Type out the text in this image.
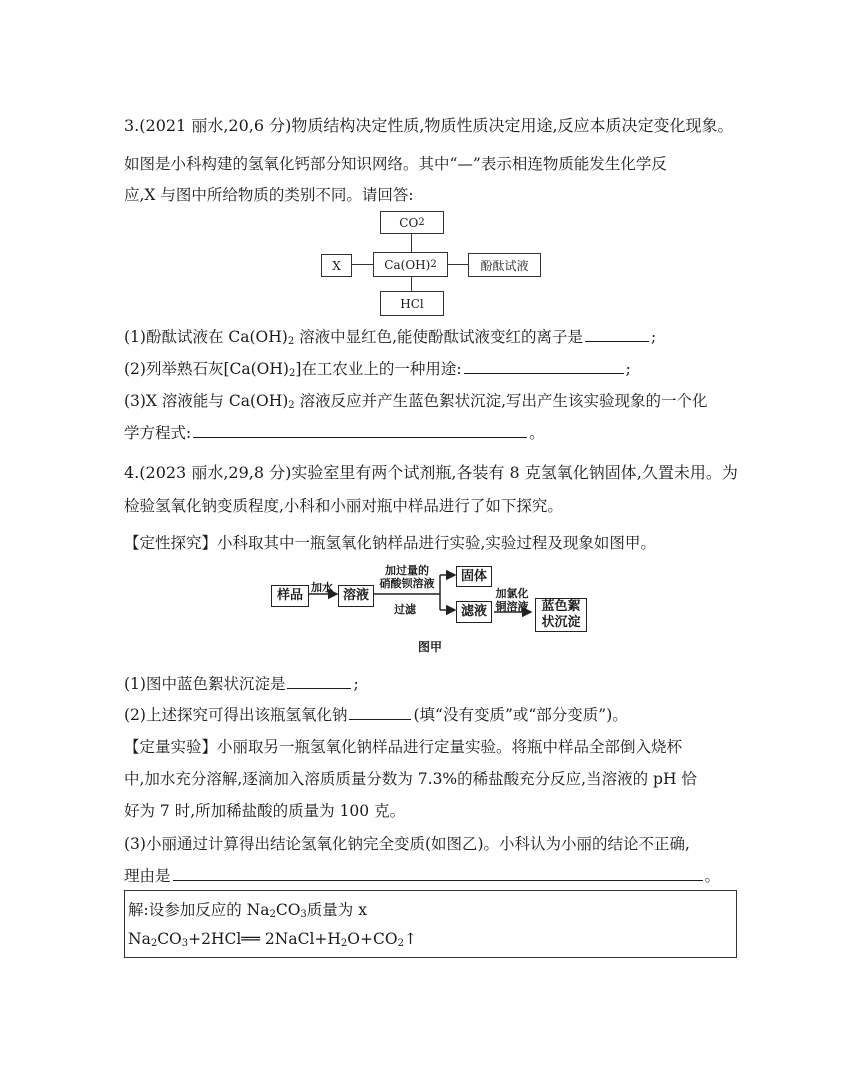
3.(2021 丽水,20,6 分)物质结构决定性质,物质性质决定用途,反应本质决定变化现象。
如图是小科构建的氢氧化钙部分知识网络。其中“—”表示相连物质能发生化学反
应,X 与图中所给物质的类别不同。请回答:
CO 2
Ca(OH) 2
X	酚酞试液
HCl
(1)酚酞试液在 $Ca(OH)_2$ 溶液中显红色,能使酚酞试液变红的离子是	;
(2)列举熟石灰$[Ca(OH)_2]$在工农业上的一种用途:	;
(3)X 溶液能与 $Ca(OH)_2$ 溶液反应并产生蓝色絮状沉淀,写出产生该实验现象的一个化
学方程式:	。
4.(2023 丽水,29,8 分)实验室里有两个试剂瓶,各装有 8 克氢氧化钠固体,久置未用。为
检验氢氧化钠变质程度,小科和小丽对瓶中样品进行了如下探究。
【定性探究】小科取其中一瓶氢氧化钠样品进行实验,实验过程及现象如图甲。
样品
加水
溶液
加过量的
硝酸钡溶液
过滤
固体
滤液
加氯化
铜溶液 蓝色絮
状沉淀
图甲
(1)图中蓝色絮状沉淀是	;
(2)上述探究可得出该瓶氢氧化钠	(填“没有变质”或“部分变质”)。
【定量实验】小丽取另一瓶氢氧化钠样品进行定量实验。将瓶中样品全部倒入烧杯
中,加水充分溶解,逐滴加入溶质质量分数为 7.3%的稀盐酸充分反应,当溶液的 pH 恰
好为 7 时,所加稀盐酸的质量为 100 克。
(3)小丽通过计算得出结论氢氧化钠完全变质(如图乙)。小科认为小丽的结论不正确,
理由是	。
解:设参加反应的 $Na_2CO_3$质量为 x
$Na_2CO_3+2HCl══$ $2NaCl+H_2O+CO_2↑$
